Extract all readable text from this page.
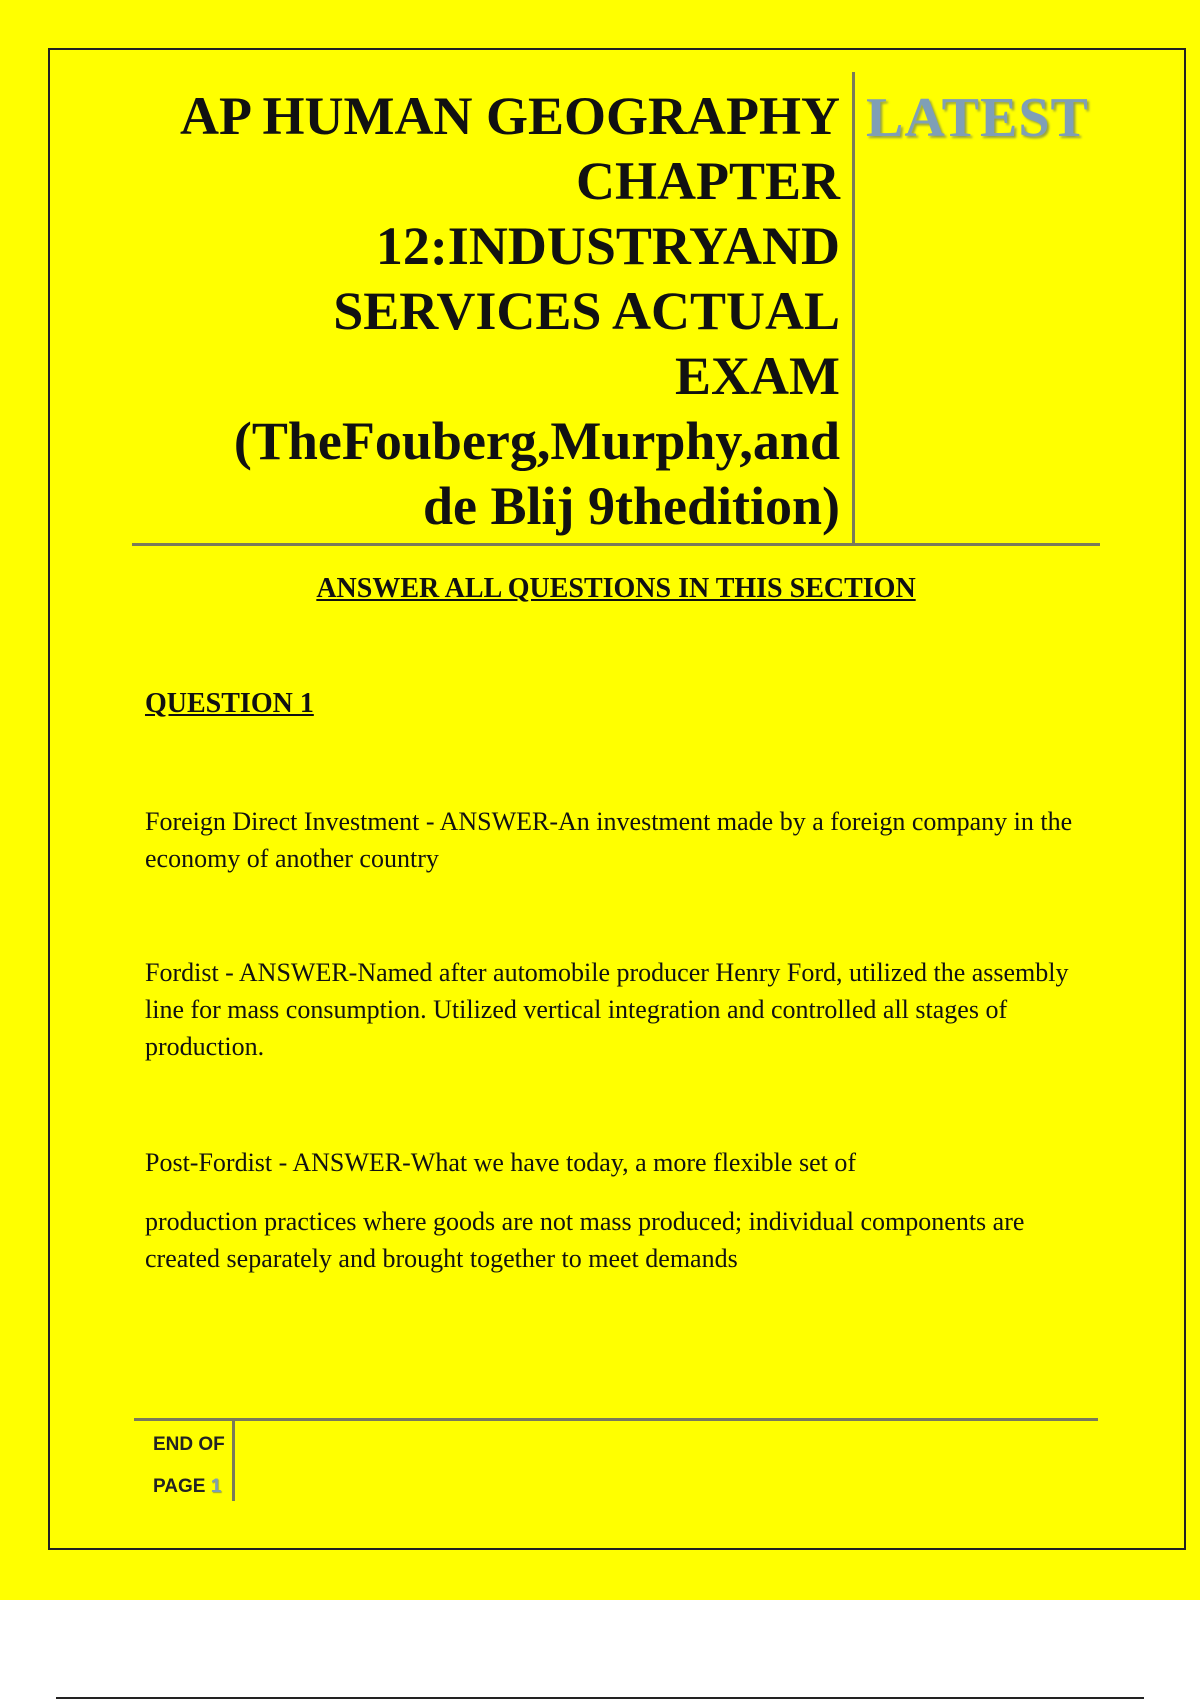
AP HUMAN GEOGRAPHY
CHAPTER
12:INDUSTRYAND
SERVICES ACTUAL
EXAM
(TheFouberg,Murphy,and
de Blij 9thedition)
LATEST
ANSWER ALL QUESTIONS IN THIS SECTION
QUESTION 1

Foreign Direct Investment - ANSWER-An investment made by a foreign company in the economy of another country

Fordist - ANSWER-Named after automobile producer Henry Ford, utilized the assembly line for mass consumption. Utilized vertical integration and controlled all stages of production.

Post-Fordist - ANSWER-What we have today, a more flexible set of

production practices where goods are not mass produced; individual components are created separately and brought together to meet demands

END OF
PAGE 1
